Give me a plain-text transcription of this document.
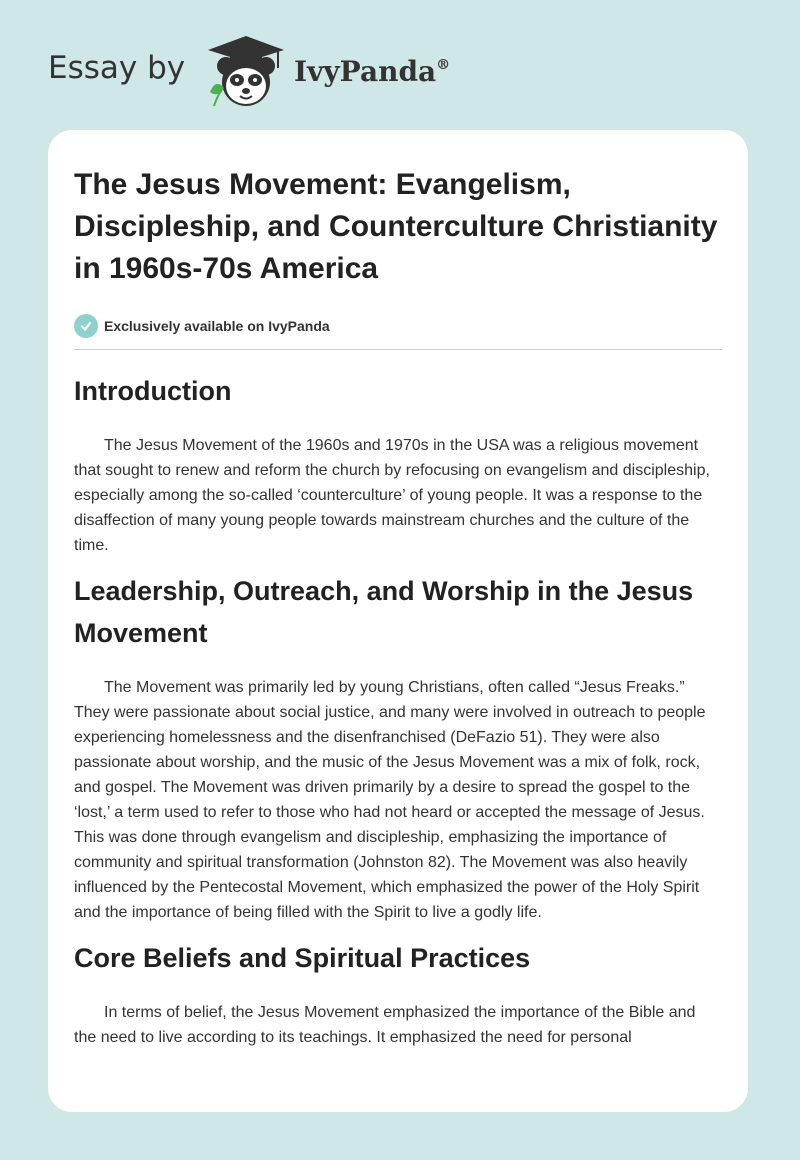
Essay by	IvyPanda®
The Jesus Movement: Evangelism, Discipleship, and Counterculture Christianity in 1960s-70s America
Exclusively available on IvyPanda
Introduction

The Jesus Movement of the 1960s and 1970s in the USA was a religious movement that sought to renew and reform the church by refocusing on evangelism and discipleship, especially among the so-called ‘counterculture’ of young people. It was a response to the disaffection of many young people towards mainstream churches and the culture of the time.

Leadership, Outreach, and Worship in the Jesus Movement

The Movement was primarily led by young Christians, often called “Jesus Freaks.” They were passionate about social justice, and many were involved in outreach to people experiencing homelessness and the disenfranchised (DeFazio 51). They were also passionate about worship, and the music of the Jesus Movement was a mix of folk, rock, and gospel. The Movement was driven primarily by a desire to spread the gospel to the ‘lost,’ a term used to refer to those who had not heard or accepted the message of Jesus. This was done through evangelism and discipleship, emphasizing the importance of community and spiritual transformation (Johnston 82). The Movement was also heavily influenced by the Pentecostal Movement, which emphasized the power of the Holy Spirit and the importance of being filled with the Spirit to live a godly life.

Core Beliefs and Spiritual Practices

In terms of belief, the Jesus Movement emphasized the importance of the Bible and the need to live according to its teachings. It emphasized the need for personal
